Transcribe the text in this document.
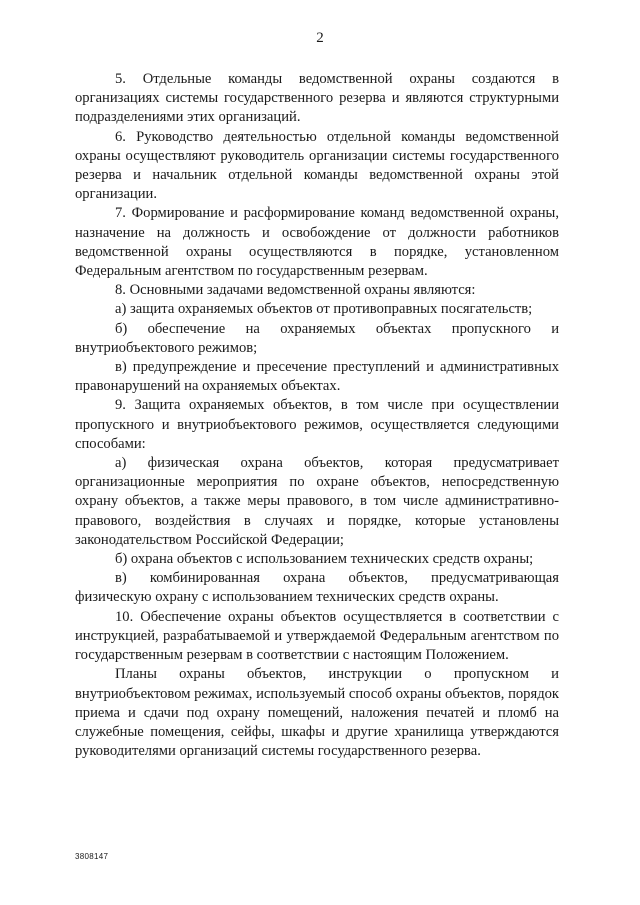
2

5. Отдельные команды ведомственной охраны создаются в организациях системы государственного резерва и являются структурными подразделениями этих организаций.

6. Руководство деятельностью отдельной команды ведомственной охраны осуществляют руководитель организации системы государственного резерва и начальник отдельной команды ведомственной охраны этой организации.

7. Формирование и расформирование команд ведомственной охраны, назначение на должность и освобождение от должности работников ведомственной охраны осуществляются в порядке, установленном Федеральным агентством по государственным резервам.

8. Основными задачами ведомственной охраны являются:

а) защита охраняемых объектов от противоправных посягательств;

б) обеспечение на охраняемых объектах пропускного и внутриобъектового режимов;

в) предупреждение и пресечение преступлений и административных правонарушений на охраняемых объектах.

9. Защита охраняемых объектов, в том числе при осуществлении пропускного и внутриобъектового режимов, осуществляется следующими способами:

а) физическая охрана объектов, которая предусматривает организационные мероприятия по охране объектов, непосредственную охрану объектов, а также меры правового, в том числе административно-правового, воздействия в случаях и порядке, которые установлены законодательством Российской Федерации;

б) охрана объектов с использованием технических средств охраны;

в) комбинированная охрана объектов, предусматривающая физическую охрану с использованием технических средств охраны.

10. Обеспечение охраны объектов осуществляется в соответствии с инструкцией, разрабатываемой и утверждаемой Федеральным агентством по государственным резервам в соответствии с настоящим Положением.

Планы охраны объектов, инструкции о пропускном и внутриобъектовом режимах, используемый способ охраны объектов, порядок приема и сдачи под охрану помещений, наложения печатей и пломб на служебные помещения, сейфы, шкафы и другие хранилища утверждаются руководителями организаций системы государственного резерва.

3808147
